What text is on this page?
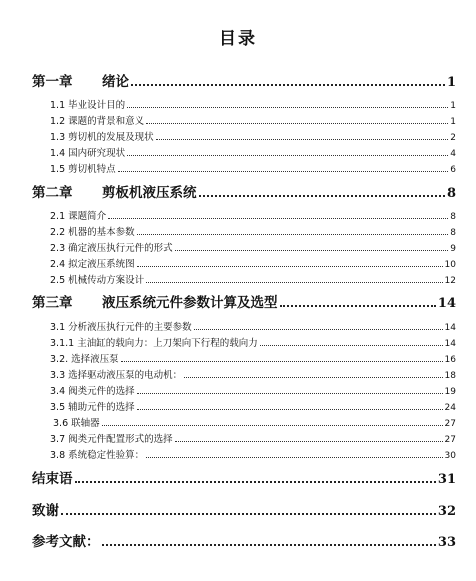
目录
第一章	绪论	1
1.1 毕业设计目的	1
1.2 课题的背景和意义	1
1.3 剪切机的发展及现状	2
1.4 国内研究现状	4
1.5 剪切机特点	6
第二章	剪板机液压系统	8
2.1 课题简介	8
2.2 机器的基本参数	8
2.3 确定液压执行元件的形式	9
2.4 拟定液压系统图	10
2.5 机械传动方案设计	12
第三章	液压系统元件参数计算及选型	14
3.1 分析液压执行元件的主要参数	14
3.1.1 主油缸的载向力：上刀架向下行程的载向力	14
3.2. 选择液压泵	16
3.3 选择驱动液压泵的电动机：	18
3.4 阀类元件的选择	19
3.5 辅助元件的选择	24
3.6 联轴器	27
3.7 阀类元件配置形式的选择	27
3.8 系统稳定性验算：	30
结束语	31
致谢	32
参考文献：	33
